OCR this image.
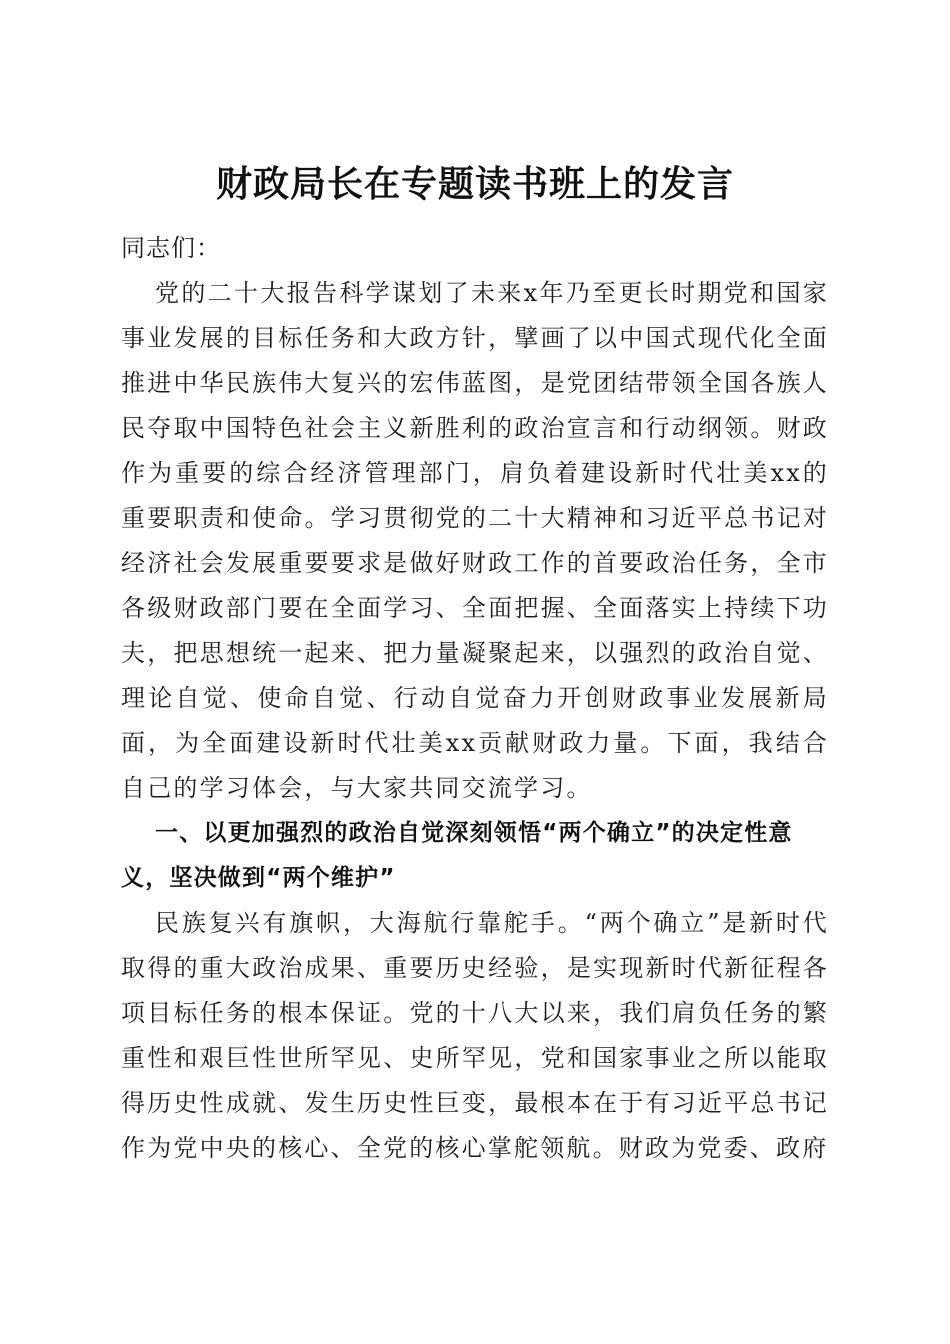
财政局长在专题读书班上的发言

同志们：

党的二十大报告科学谋划了未来x年乃至更长时期党和国家事业发展的目标任务和大政方针，擘画了以中国式现代化全面推进中华民族伟大复兴的宏伟蓝图，是党团结带领全国各族人民夺取中国特色社会主义新胜利的政治宣言和行动纲领。财政作为重要的综合经济管理部门，肩负着建设新时代壮美xx的重要职责和使命。学习贯彻党的二十大精神和习近平总书记对经济社会发展重要要求是做好财政工作的首要政治任务，全市各级财政部门要在全面学习、全面把握、全面落实上持续下功夫，把思想统一起来、把力量凝聚起来，以强烈的政治自觉、理论自觉、使命自觉、行动自觉奋力开创财政事业发展新局面，为全面建设新时代壮美xx贡献财政力量。下面，我结合自己的学习体会，与大家共同交流学习。

一、以更加强烈的政治自觉深刻领悟“两个确立”的决定性意义，坚决做到“两个维护”

民族复兴有旗帜，大海航行靠舵手。“两个确立”是新时代取得的重大政治成果、重要历史经验，是实现新时代新征程各项目标任务的根本保证。党的十八大以来，我们肩负任务的繁重性和艰巨性世所罕见、史所罕见，党和国家事业之所以能取得历史性成就、发生历史性巨变，最根本在于有习近平总书记作为党中央的核心、全党的核心掌舵领航。财政为党委、政府
